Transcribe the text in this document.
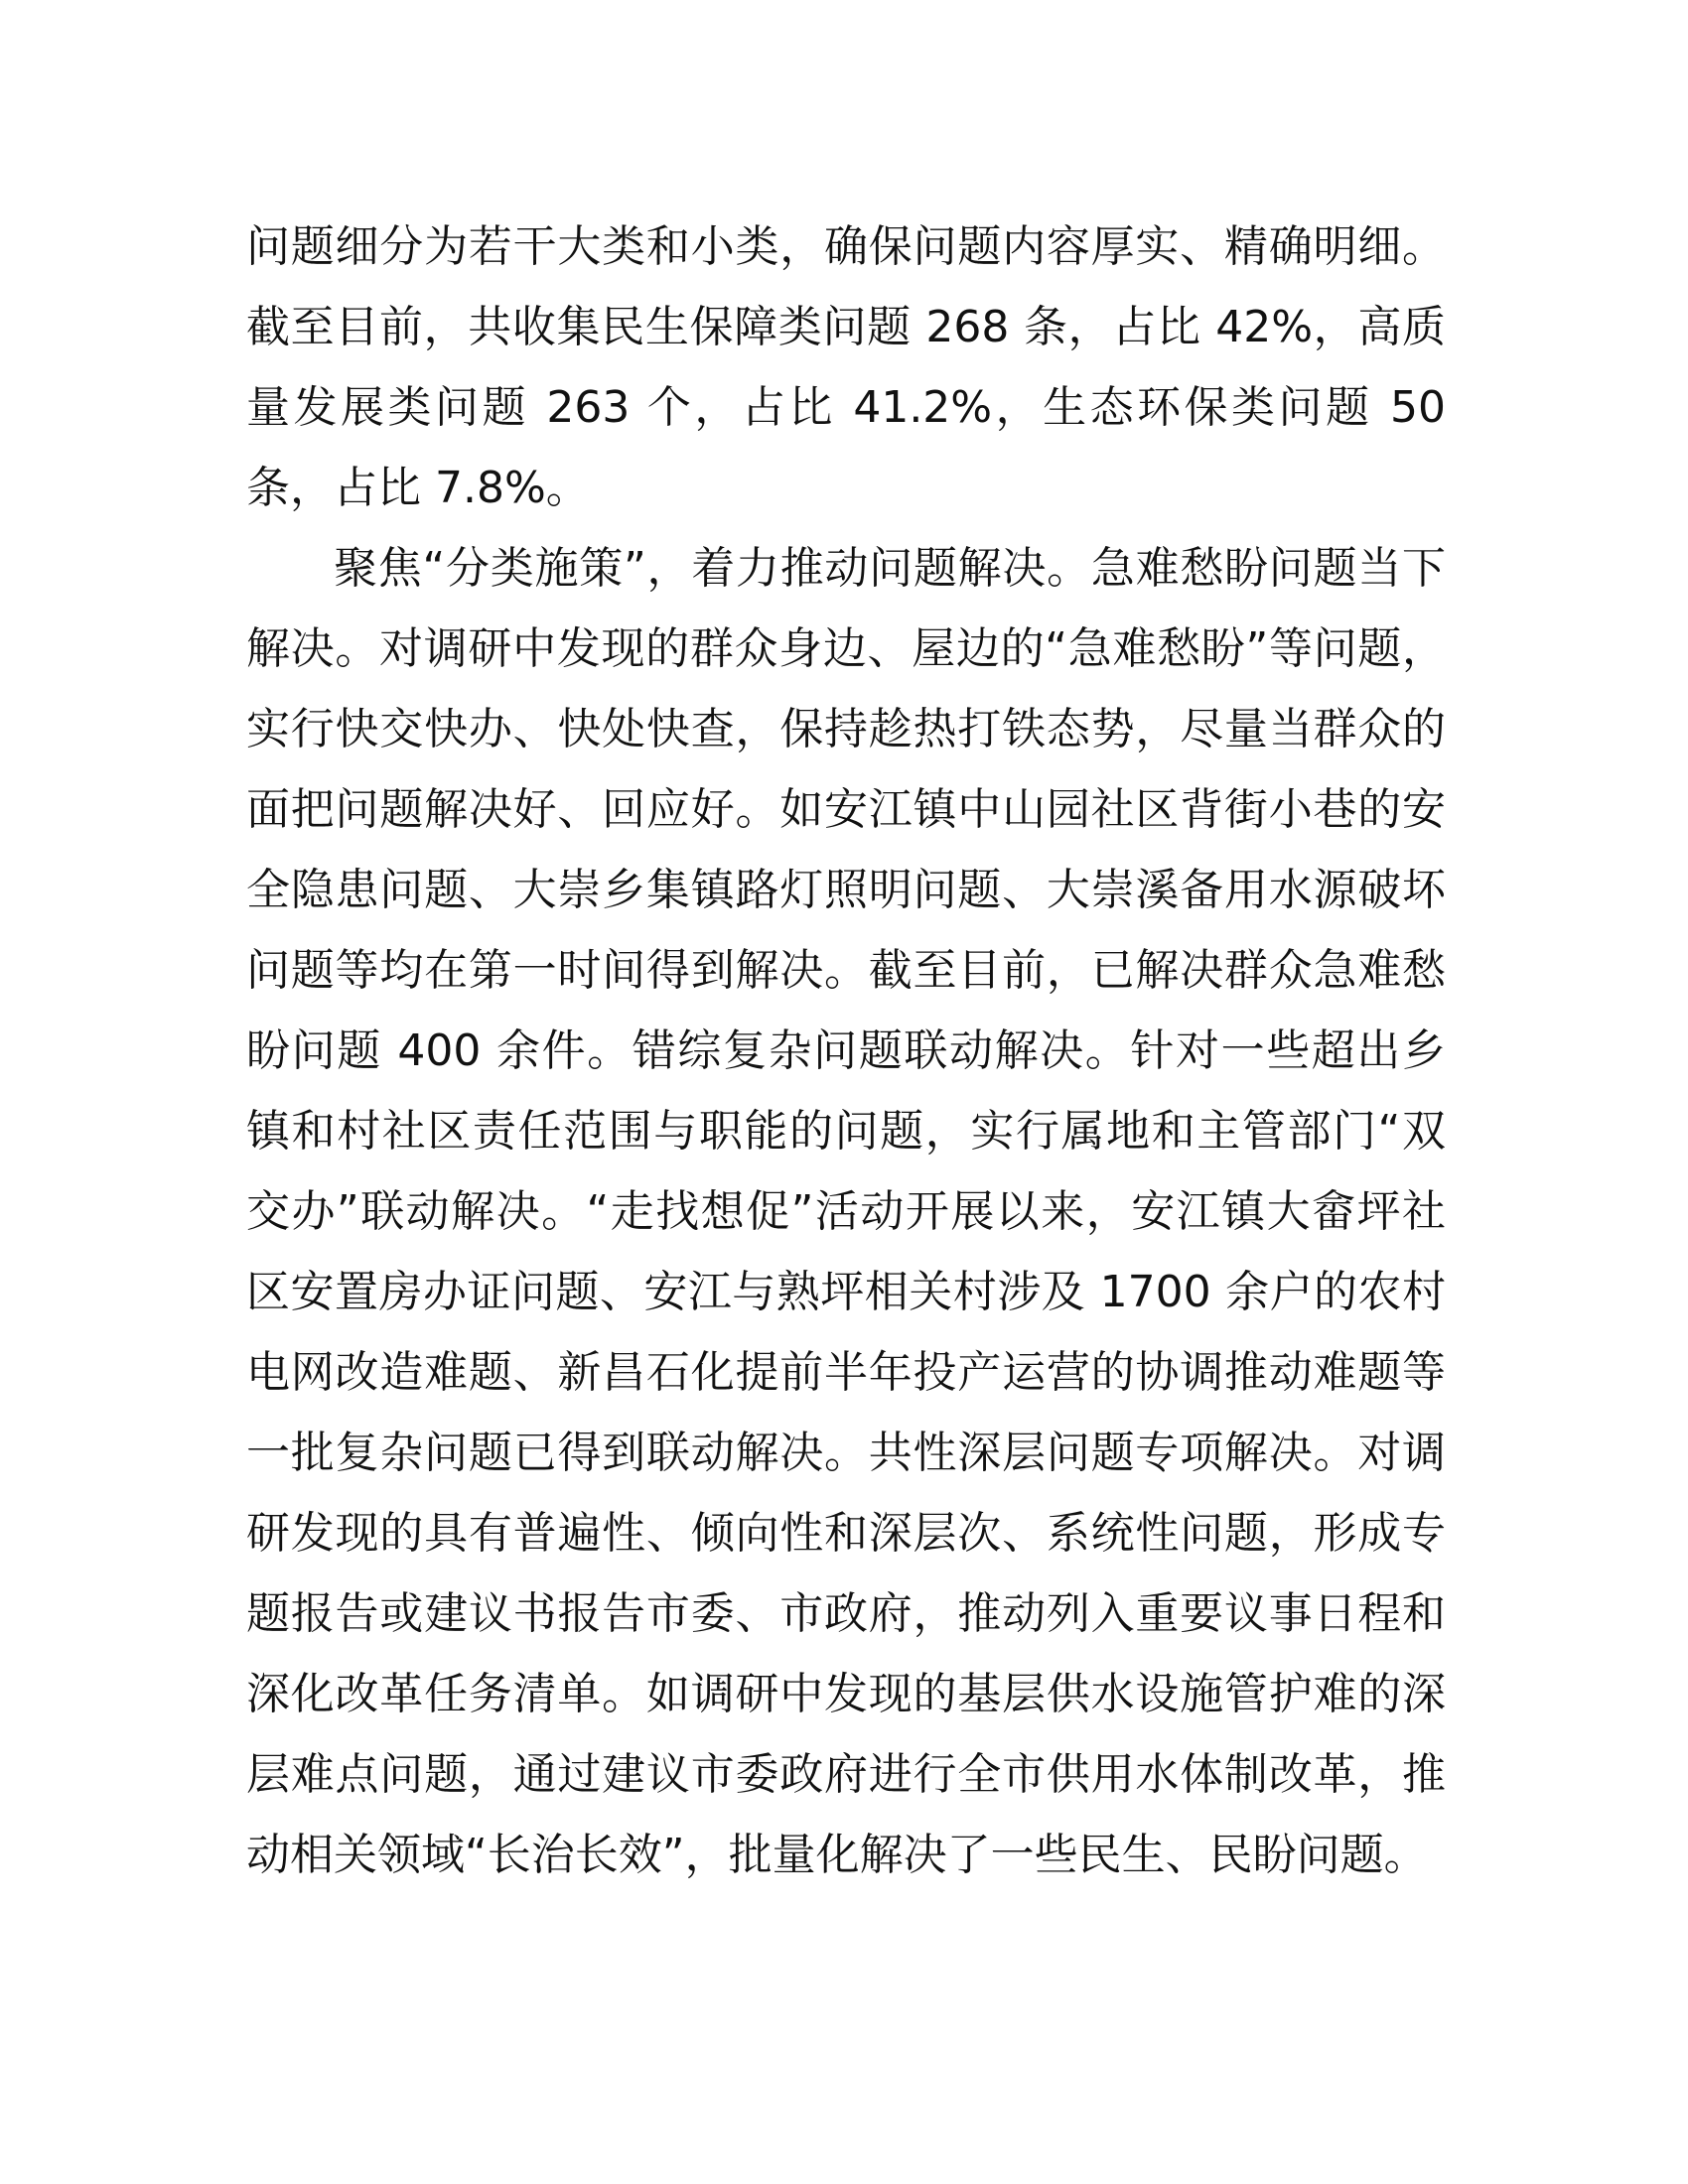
问题细分为若干大类和小类，确保问题内容厚实、精确明细。截至目前，共收集民生保障类问题 268 条，占比 42%，高质量发展类问题 263 个，占比 41.2%，生态环保类问题 50 条，占比 7.8%。

聚焦“分类施策”，着力推动问题解决。急难愁盼问题当下解决。对调研中发现的群众身边、屋边的“急难愁盼”等问题，实行快交快办、快处快查，保持趁热打铁态势，尽量当群众的面把问题解决好、回应好。如安江镇中山园社区背街小巷的安全隐患问题、大崇乡集镇路灯照明问题、大崇溪备用水源破坏问题等均在第一时间得到解决。截至目前，已解决群众急难愁盼问题 400 余件。错综复杂问题联动解决。针对一些超出乡镇和村社区责任范围与职能的问题，实行属地和主管部门“双交办”联动解决。“走找想促”活动开展以来，安江镇大畲坪社区安置房办证问题、安江与熟坪相关村涉及 1700 余户的农村电网改造难题、新昌石化提前半年投产运营的协调推动难题等一批复杂问题已得到联动解决。共性深层问题专项解决。对调研发现的具有普遍性、倾向性和深层次、系统性问题，形成专题报告或建议书报告市委、市政府，推动列入重要议事日程和深化改革任务清单。如调研中发现的基层供水设施管护难的深层难点问题，通过建议市委政府进行全市供用水体制改革，推动相关领域“长治长效”，批量化解决了一些民生、民盼问题。
